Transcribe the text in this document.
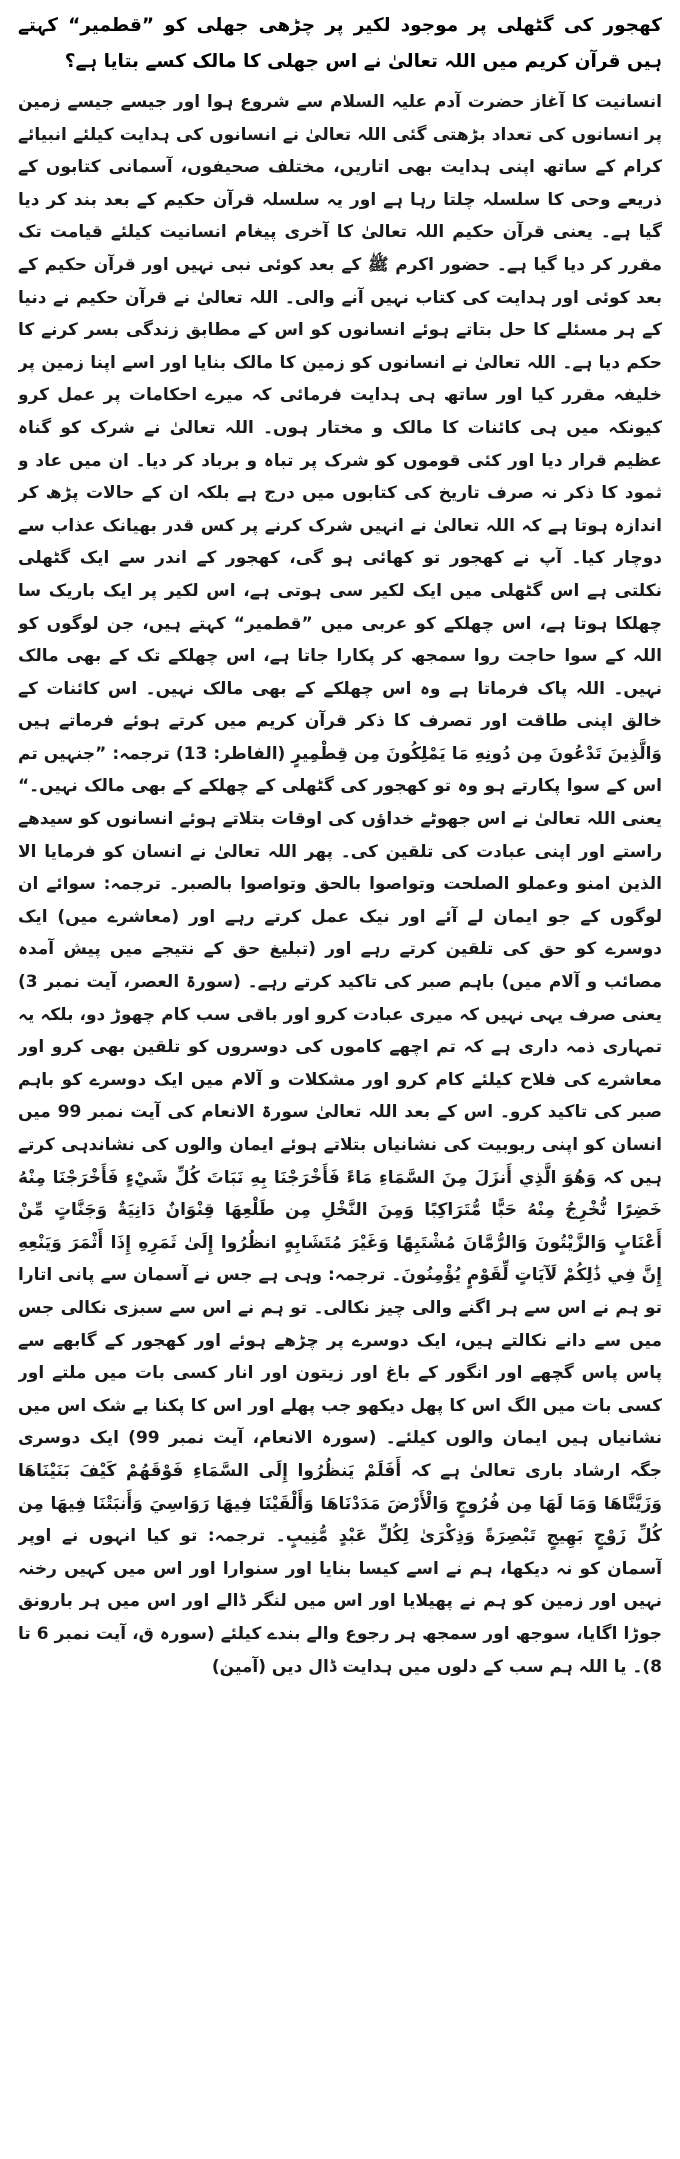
کھجور کی گٹھلی پر موجود لکیر پر چڑھی جھلی کو ”قطمیر“ کہتے ہیں قرآن کریم میں اللہ تعالیٰ نے اس جھلی کا مالک کسے بتایا ہے؟

انسانیت کا آغاز حضرت آدم علیہ السلام سے شروع ہوا اور جیسے جیسے زمین پر انسانوں کی تعداد بڑھتی گئی اللہ تعالیٰ نے انسانوں کی ہدایت کیلئے انبیائے کرام کے ساتھ اپنی ہدایت بھی اتاریں، مختلف صحیفوں، آسمانی کتابوں کے ذریعے وحی کا سلسلہ چلتا رہا ہے اور یہ سلسلہ قرآن حکیم کے بعد بند کر دیا گیا ہے۔ یعنی قرآن حکیم اللہ تعالیٰ کا آخری پیغام انسانیت کیلئے قیامت تک مقرر کر دیا گیا ہے۔ حضور اکرم ﷺ کے بعد کوئی نبی نہیں اور قرآن حکیم کے بعد کوئی اور ہدایت کی کتاب نہیں آنے والی۔ اللہ تعالیٰ نے قرآن حکیم نے دنیا کے ہر مسئلے کا حل بتاتے ہوئے انسانوں کو اس کے مطابق زندگی بسر کرنے کا حکم دیا ہے۔ اللہ تعالیٰ نے انسانوں کو زمین کا مالک بنایا اور اسے اپنا زمین پر خلیفہ مقرر کیا اور ساتھ ہی ہدایت فرمائی کہ میرے احکامات پر عمل کرو کیونکہ میں ہی کائنات کا مالک و مختار ہوں۔ اللہ تعالیٰ نے شرک کو گناہ عظیم قرار دیا اور کئی قوموں کو شرک پر تباہ و برباد کر دیا۔ ان میں عاد و ثمود کا ذکر نہ صرف تاریخ کی کتابوں میں درج ہے بلکہ ان کے حالات پڑھ کر اندازہ ہوتا ہے کہ اللہ تعالیٰ نے انہیں شرک کرنے پر کس قدر بھیانک عذاب سے دوچار کیا۔ آپ نے کھجور تو کھائی ہو گی، کھجور کے اندر سے ایک گٹھلی نکلتی ہے اس گٹھلی میں ایک لکیر سی ہوتی ہے، اس لکیر پر ایک باریک سا چھلکا ہوتا ہے، اس چھلکے کو عربی میں ”قطمیر“ کہتے ہیں، جن لوگوں کو اللہ کے سوا حاجت روا سمجھ کر پکارا جاتا ہے، اس چھلکے تک کے بھی مالک نہیں۔ اللہ پاک فرماتا ہے وہ اس چھلکے کے بھی مالک نہیں۔ اس کائنات کے خالق اپنی طاقت اور تصرف کا ذکر قرآن کریم میں کرتے ہوئے فرماتے ہیں وَالَّذِينَ تَدْعُونَ مِن دُونِهِ مَا يَمْلِكُونَ مِن قِطْمِيرٍ (الفاطر: 13) ترجمہ: ”جنہیں تم اس کے سوا پکارتے ہو وہ تو کھجور کی گٹھلی کے چھلکے کے بھی مالک نہیں۔“ یعنی اللہ تعالیٰ نے اس جھوٹے خداؤں کی اوقات بتلاتے ہوئے انسانوں کو سیدھے راستے اور اپنی عبادت کی تلقین کی۔ پھر اللہ تعالیٰ نے انسان کو فرمایا الا الذین امنو وعملو الصلحت وتواصوا بالحق وتواصوا بالصبر۔ ترجمہ: سوائے ان لوگوں کے جو ایمان لے آئے اور نیک عمل کرتے رہے اور (معاشرے میں) ایک دوسرے کو حق کی تلقین کرتے رہے اور (تبلیغ حق کے نتیجے میں پیش آمدہ مصائب و آلام میں) باہم صبر کی تاکید کرتے رہے۔ (سورۃ العصر، آیت نمبر 3) یعنی صرف یہی نہیں کہ میری عبادت کرو اور باقی سب کام چھوڑ دو، بلکہ یہ تمہاری ذمہ داری ہے کہ تم اچھے کاموں کی دوسروں کو تلقین بھی کرو اور معاشرے کی فلاح کیلئے کام کرو اور مشکلات و آلام میں ایک دوسرے کو باہم صبر کی تاکید کرو۔ اس کے بعد اللہ تعالیٰ سورۃ الانعام کی آیت نمبر 99 میں انسان کو اپنی ربوبیت کی نشانیاں بتلاتے ہوئے ایمان والوں کی نشاندہی کرتے ہیں کہ وَهُوَ الَّذِي أَنزَلَ مِنَ السَّمَاءِ مَاءً فَأَخْرَجْنَا بِهِ نَبَاتَ كُلِّ شَيْءٍ فَأَخْرَجْنَا مِنْهُ خَضِرًا نُّخْرِجُ مِنْهُ حَبًّا مُّتَرَاكِبًا وَمِنَ النَّخْلِ مِن طَلْعِهَا قِنْوَانٌ دَانِيَةٌ وَجَنَّاتٍ مِّنْ أَعْنَابٍ وَالزَّيْتُونَ وَالرُّمَّانَ مُشْتَبِهًا وَغَيْرَ مُتَشَابِهٍ انظُرُوا إِلَىٰ ثَمَرِهِ إِذَا أَثْمَرَ وَيَنْعِهِ إِنَّ فِي ذَٰلِكُمْ لَآيَاتٍ لِّقَوْمٍ يُؤْمِنُونَ۔ ترجمہ: وہی ہے جس نے آسمان سے پانی اتارا تو ہم نے اس سے ہر اگنے والی چیز نکالی۔ تو ہم نے اس سے سبزی نکالی جس میں سے دانے نکالتے ہیں، ایک دوسرے پر چڑھے ہوئے اور کھجور کے گابھے سے پاس پاس گچھے اور انگور کے باغ اور زیتون اور انار کسی بات میں ملتے اور کسی بات میں الگ اس کا پھل دیکھو جب پھلے اور اس کا پکنا بے شک اس میں نشانیاں ہیں ایمان والوں کیلئے۔ (سورہ الانعام، آیت نمبر 99) ایک دوسری جگہ ارشاد باری تعالیٰ ہے کہ أَفَلَمْ يَنظُرُوا إِلَى السَّمَاءِ فَوْقَهُمْ كَيْفَ بَنَيْنَاهَا وَزَيَّنَّاهَا وَمَا لَهَا مِن فُرُوجٍ وَالْأَرْضَ مَدَدْنَاهَا وَأَلْقَيْنَا فِيهَا رَوَاسِيَ وَأَنبَتْنَا فِيهَا مِن كُلِّ زَوْجٍ بَهِيجٍ تَبْصِرَةً وَذِكْرَىٰ لِكُلِّ عَبْدٍ مُّنِيبٍ۔ ترجمہ: تو کیا انہوں نے اوپر آسمان کو نہ دیکھا، ہم نے اسے کیسا بنایا اور سنوارا اور اس میں کہیں رخنہ نہیں اور زمین کو ہم نے پھیلایا اور اس میں لنگر ڈالے اور اس میں ہر بارونق جوڑا اگایا، سوجھ اور سمجھ ہر رجوع والے بندے کیلئے (سورہ ق، آیت نمبر 6 تا 8)۔ یا اللہ ہم سب کے دلوں میں ہدایت ڈال دیں (آمین)
